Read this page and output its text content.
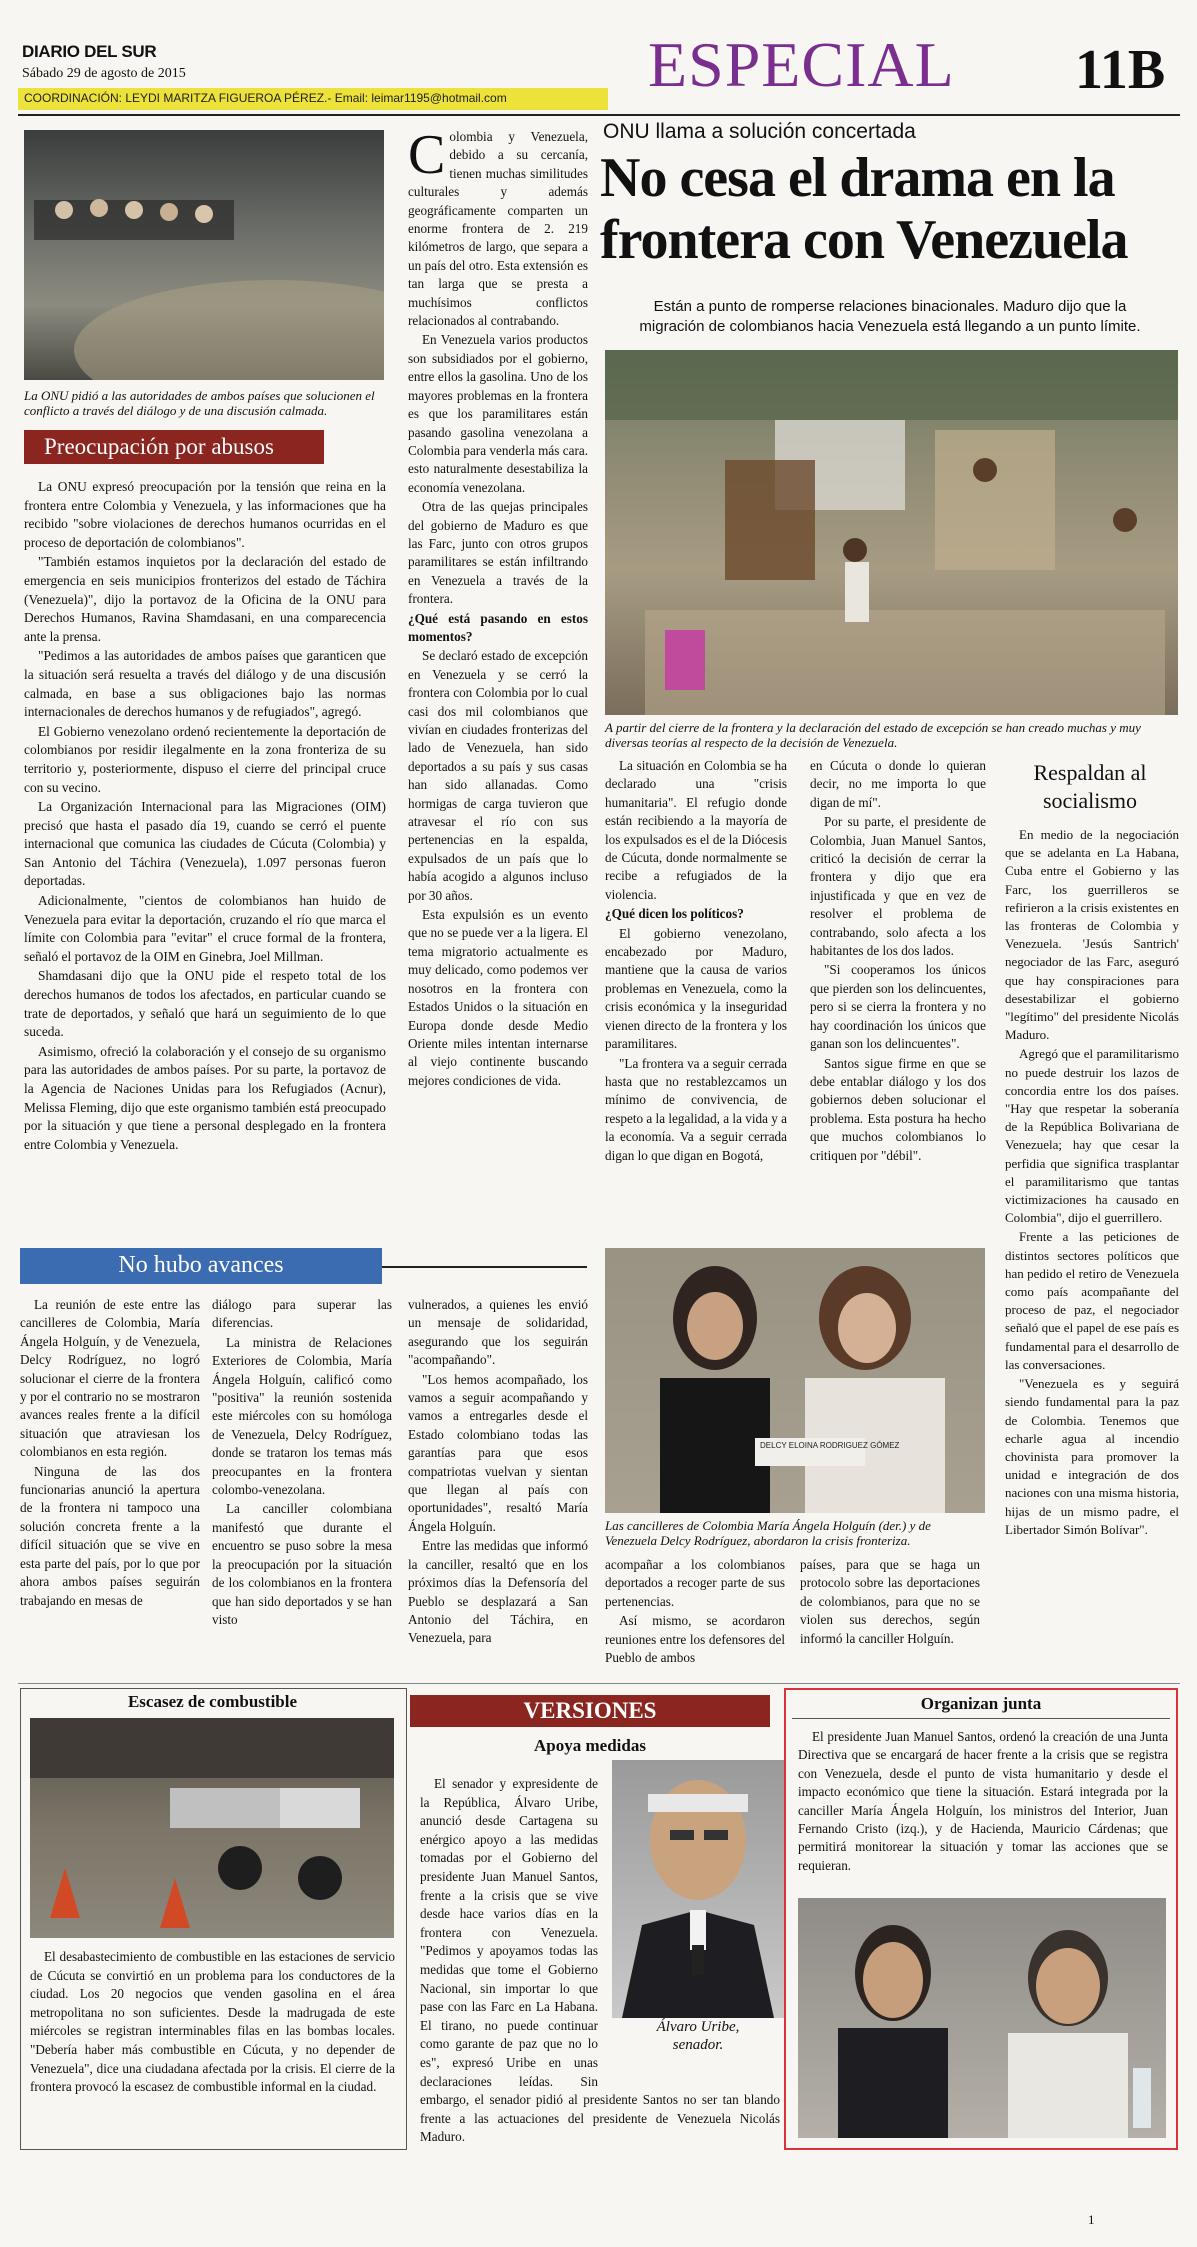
DIARIO DEL SUR
Sábado 29 de agosto de 2015
COORDINACIÓN: LEYDI MARITZA FIGUEROA PÉREZ.- Email: leimar1195@hotmail.com ESPECIAL 11B
La ONU pidió a las autoridades de ambos países que solucionen el conflicto a través del diálogo y de una discusión calmada.
Preocupación por abusos

La ONU expresó preocupación por la tensión que reina en la frontera entre Colombia y Venezuela, y las informaciones que ha recibido "sobre violaciones de derechos humanos ocurridas en el proceso de deportación de colombianos".

"También estamos inquietos por la declaración del estado de emergencia en seis municipios fronterizos del estado de Táchira (Venezuela)", dijo la portavoz de la Oficina de la ONU para Derechos Humanos, Ravina Shamdasani, en una comparecencia ante la prensa.

"Pedimos a las autoridades de ambos países que garanticen que la situación será resuelta a través del diálogo y de una discusión calmada, en base a sus obligaciones bajo las normas internacionales de derechos humanos y de refugiados", agregó.

El Gobierno venezolano ordenó recientemente la deportación de colombianos por residir ilegalmente en la zona fronteriza de su territorio y, posteriormente, dispuso el cierre del principal cruce con su vecino.

La Organización Internacional para las Migraciones (OIM) precisó que hasta el pasado día 19, cuando se cerró el puente internacional que comunica las ciudades de Cúcuta (Colombia) y San Antonio del Táchira (Venezuela), 1.097 personas fueron deportadas.

Adicionalmente, "cientos de colombianos han huido de Venezuela para evitar la deportación, cruzando el río que marca el límite con Colombia para "evitar" el cruce formal de la frontera, señaló el portavoz de la OIM en Ginebra, Joel Millman.

Shamdasani dijo que la ONU pide el respeto total de los derechos humanos de todos los afectados, en particular cuando se trate de deportados, y señaló que hará un seguimiento de lo que suceda.

Asimismo, ofreció la colaboración y el consejo de su organismo para las autoridades de ambos países. Por su parte, la portavoz de la Agencia de Naciones Unidas para los Refugiados (Acnur), Melissa Fleming, dijo que este organismo también está preocupado por la situación y que tiene a personal desplegado en la frontera entre Colombia y Venezuela.

Colombia y Venezuela, debido a su cercanía, tienen muchas similitudes culturales y además geográficamente comparten un enorme frontera de 2. 219 kilómetros de largo, que separa a un país del otro. Esta extensión es tan larga que se presta a muchísimos conflictos relacionados al contrabando.

En Venezuela varios productos son subsidiados por el gobierno, entre ellos la gasolina. Uno de los mayores problemas en la frontera es que los paramilitares están pasando gasolina venezolana a Colombia para venderla más cara. esto naturalmente desestabiliza la economía venezolana.

Otra de las quejas principales del gobierno de Maduro es que las Farc, junto con otros grupos paramilitares se están infiltrando en Venezuela a través de la frontera.

¿Qué está pasando en estos momentos?

Se declaró estado de excepción en Venezuela y se cerró la frontera con Colombia por lo cual casi dos mil colombianos que vivían en ciudades fronterizas del lado de Venezuela, han sido deportados a su país y sus casas han sido allanadas. Como hormigas de carga tuvieron que atravesar el río con sus pertenencias en la espalda, expulsados de un país que lo había acogido a algunos incluso por 30 años.

Esta expulsión es un evento que no se puede ver a la ligera. El tema migratorio actualmente es muy delicado, como podemos ver nosotros en la frontera con Estados Unidos o la situación en Europa donde desde Medio Oriente miles intentan internarse al viejo continente buscando mejores condiciones de vida.

ONU llama a solución concertada
No cesa el drama en la
frontera con Venezuela
Están a punto de romperse relaciones binacionales. Maduro dijo que la
migración de colombianos hacia Venezuela está llegando a un punto límite.
A partir del cierre de la frontera y la declaración del estado de excepción se han creado muchas y muy diversas teorías al respecto de la decisión de Venezuela.

La situación en Colombia se ha declarado una "crisis humanitaria". El refugio donde están recibiendo a la mayoría de los expulsados es el de la Diócesis de Cúcuta, donde normalmente se recibe a refugiados de la violencia.

¿Qué dicen los políticos?

El gobierno venezolano, encabezado por Maduro, mantiene que la causa de varios problemas en Venezuela, como la crisis económica y la inseguridad vienen directo de la frontera y los paramilitares.

"La frontera va a seguir cerrada hasta que no restablezcamos un mínimo de convivencia, de respeto a la legalidad, a la vida y a la economía. Va a seguir cerrada digan lo que digan en Bogotá,

en Cúcuta o donde lo quieran decir, no me importa lo que digan de mí".

Por su parte, el presidente de Colombia, Juan Manuel Santos, criticó la decisión de cerrar la frontera y dijo que era injustificada y que en vez de resolver el problema de contrabando, solo afecta a los habitantes de los dos lados.

"Si cooperamos los únicos que pierden son los delincuentes, pero si se cierra la frontera y no hay coordinación los únicos que ganan son los delincuentes".

Santos sigue firme en que se debe entablar diálogo y los dos gobiernos deben solucionar el problema. Esta postura ha hecho que muchos colombianos lo critiquen por "débil".

Respaldan al
socialismo

En medio de la negociación que se adelanta en La Habana, Cuba entre el Gobierno y las Farc, los guerrilleros se refirieron a la crisis existentes en las fronteras de Colombia y Venezuela. 'Jesús Santrich' negociador de las Farc, aseguró que hay conspiraciones para desestabilizar el gobierno "legítimo" del presidente Nicolás Maduro.

Agregó que el paramilitarismo no puede destruir los lazos de concordia entre los dos países. "Hay que respetar la soberanía de la República Bolivariana de Venezuela; hay que cesar la perfidia que significa trasplantar el paramilitarismo que tantas victimizaciones ha causado en Colombia", dijo el guerrillero.

Frente a las peticiones de distintos sectores políticos que han pedido el retiro de Venezuela como país acompañante del proceso de paz, el negociador señaló que el papel de ese país es fundamental para el desarrollo de las conversaciones.

"Venezuela es y seguirá siendo fundamental para la paz de Colombia. Tenemos que echarle agua al incendio chovinista para promover la unidad e integración de dos naciones con una misma historia, hijas de un mismo padre, el Libertador Simón Bolívar".

No hubo avances

La reunión de este entre las cancilleres de Colombia, María Ángela Holguín, y de Venezuela, Delcy Rodríguez, no logró solucionar el cierre de la frontera y por el contrario no se mostraron avances reales frente a la difícil situación que atraviesan los colombianos en esta región.

Ninguna de las dos funcionarias anunció la apertura de la frontera ni tampoco una solución concreta frente a la difícil situación que se vive en esta parte del país, por lo que por ahora ambos países seguirán trabajando en mesas de

diálogo para superar las diferencias.

La ministra de Relaciones Exteriores de Colombia, María Ángela Holguín, calificó como "positiva" la reunión sostenida este miércoles con su homóloga de Venezuela, Delcy Rodríguez, donde se trataron los temas más preocupantes en la frontera colombo-venezolana.

La canciller colombiana manifestó que durante el encuentro se puso sobre la mesa la preocupación por la situación de los colombianos en la frontera que han sido deportados y se han visto

vulnerados, a quienes les envió un mensaje de solidaridad, asegurando que los seguirán "acompañando".

"Los hemos acompañado, los vamos a seguir acompañando y vamos a entregarles desde el Estado colombiano todas las garantías para que esos compatriotas vuelvan y sientan que llegan al país con oportunidades", resaltó María Ángela Holguín.

Entre las medidas que informó la canciller, resaltó que en los próximos días la Defensoría del Pueblo se desplazará a San Antonio del Táchira, en Venezuela, para

DELCY ELOINA RODRIGUEZ GÓMEZ
Las cancilleres de Colombia María Ángela Holguín (der.) y de Venezuela Delcy Rodríguez, abordaron la crisis fronteriza.

acompañar a los colombianos deportados a recoger parte de sus pertenencias.

Así mismo, se acordaron reuniones entre los defensores del Pueblo de ambos

países, para que se haga un protocolo sobre las deportaciones de colombianos, para que no se violen sus derechos, según informó la canciller Holguín.

Escasez de combustible

El desabastecimiento de combustible en las estaciones de servicio de Cúcuta se convirtió en un problema para los conductores de la ciudad. Los 20 negocios que venden gasolina en el área metropolitana no son suficientes. Desde la madrugada de este miércoles se registran interminables filas en las bombas locales. "Debería haber más combustible en Cúcuta, y no depender de Venezuela", dice una ciudadana afectada por la crisis. El cierre de la frontera provocó la escasez de combustible informal en la ciudad.

VERSIONES
Apoya medidas
Álvaro Uribe,
senador.

El senador y expresidente de la República, Álvaro Uribe, anunció desde Cartagena su enérgico apoyo a las medidas tomadas por el Gobierno del presidente Juan Manuel Santos, frente a la crisis que se vive desde hace varios días en la frontera con Venezuela. "Pedimos y apoyamos todas las medidas que tome el Gobierno Nacional, sin importar lo que pase con las Farc en La Habana. El tirano, no puede continuar como garante de paz que no lo es", expresó Uribe en unas declaraciones leídas. Sin embargo, el senador pidió al presidente Santos no ser tan blando frente a las actuaciones del presidente de Venezuela Nicolás Maduro.

Organizan junta

El presidente Juan Manuel Santos, ordenó la creación de una Junta Directiva que se encargará de hacer frente a la crisis que se registra con Venezuela, desde el punto de vista humanitario y desde el impacto económico que tiene la situación. Estará integrada por la canciller María Ángela Holguín, los ministros del Interior, Juan Fernando Cristo (izq.), y de Hacienda, Mauricio Cárdenas; que permitirá monitorear la situación y tomar las acciones que se requieran.

1
